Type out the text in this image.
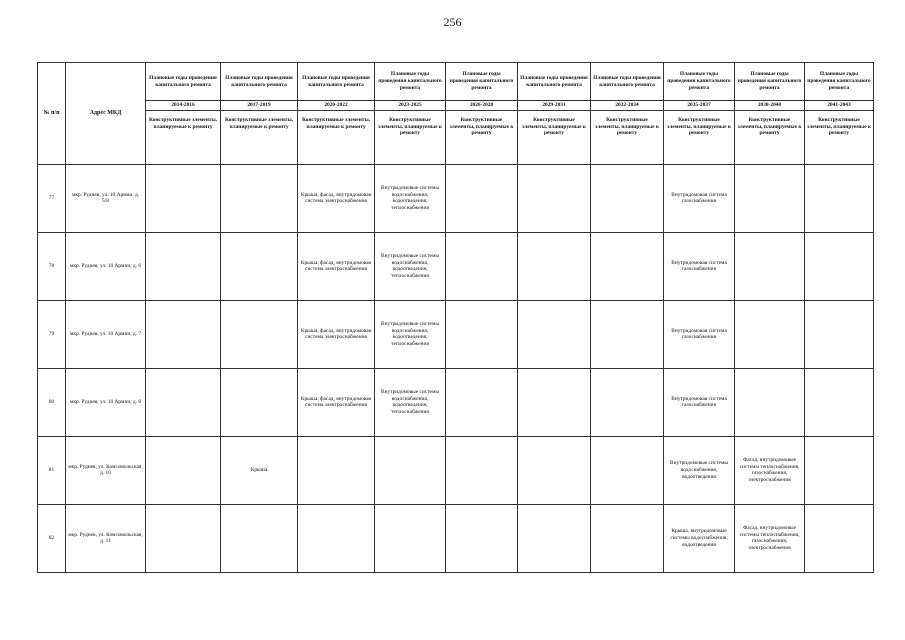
256
№ п/п	Адрес МКД	Плановые годы проведения капитального ремонта	Плановые годы проведения капитального ремонта	Плановые годы проведения капитального ремонта	Плановые годы проведения капитального ремонта	Плановые годы проведения капитального ремонта	Плановые годы проведения капитального ремонта	Плановые годы проведения капитального ремонта	Плановые годы проведения капитального ремонта	Плановые годы проведения капитального ремонта	Плановые годы проведения капитального ремонта
		2014-2016	2017-2019	2020-2022	2023-2025	2026-2028	2029-2031	2032-2034	2035-2037	2038-2040	2041-2043
		Конструктивные элементы, планируемые к ремонту	Конструктивные элементы, планируемые к ремонту	Конструктивные элементы, планируемые к ремонту	Конструктивные элементы, планируемые к ремонту	Конструктивные элементы, планируемые к ремонту	Конструктивные элементы, планируемые к ремонту	Конструктивные элементы, планируемые к ремонту	Конструктивные элементы, планируемые к ремонту	Конструктивные элементы, планируемые к ремонту	Конструктивные элементы, планируемые к ремонту
77	мкр. Руднев, ул. 10 Армии, д. 5/8			Крыша, фасад, внутридомовая система электроснабжения	Внутридомовые системы водоснабжения, водоотведения, теплоснабжения				Внутридомовая система газоснабжения		
78	мкр. Руднев, ул. 10 Армии, д. 6			Крыша, фасад, внутридомовая система электроснабжения	Внутридомовые системы водоснабжения, водоотведения, теплоснабжения				Внутридомовая система газоснабжения		
79	мкр. Руднев, ул. 10 Армии, д. 7			Крыша, фасад, внутридомовая система электроснабжения	Внутридомовые системы водоснабжения, водоотведения, теплоснабжения				Внутридомовая система газоснабжения		
80	мкр. Руднев, ул. 10 Армии, д. 8			Крыша, фасад, внутридомовая система электроснабжения	Внутридомовые системы водоснабжения, водоотведения, теплоснабжения				Внутридомовая система газоснабжения		
81	мкр. Руднев, ул. Комсомольская, д. 10		Крыша						Внутридомовые системы водоснабжения, водоотведения	Фасад, внутридомовые системы теплоснабжения, газоснабжения, электроснабжения	
82	мкр. Руднев, ул. Комсомольская, д. 11								Крыша, внутридомовые системы водоснабжения, водоотведения	Фасад, внутридомовые системы теплоснабжения, газоснабжения, электроснабжения	
